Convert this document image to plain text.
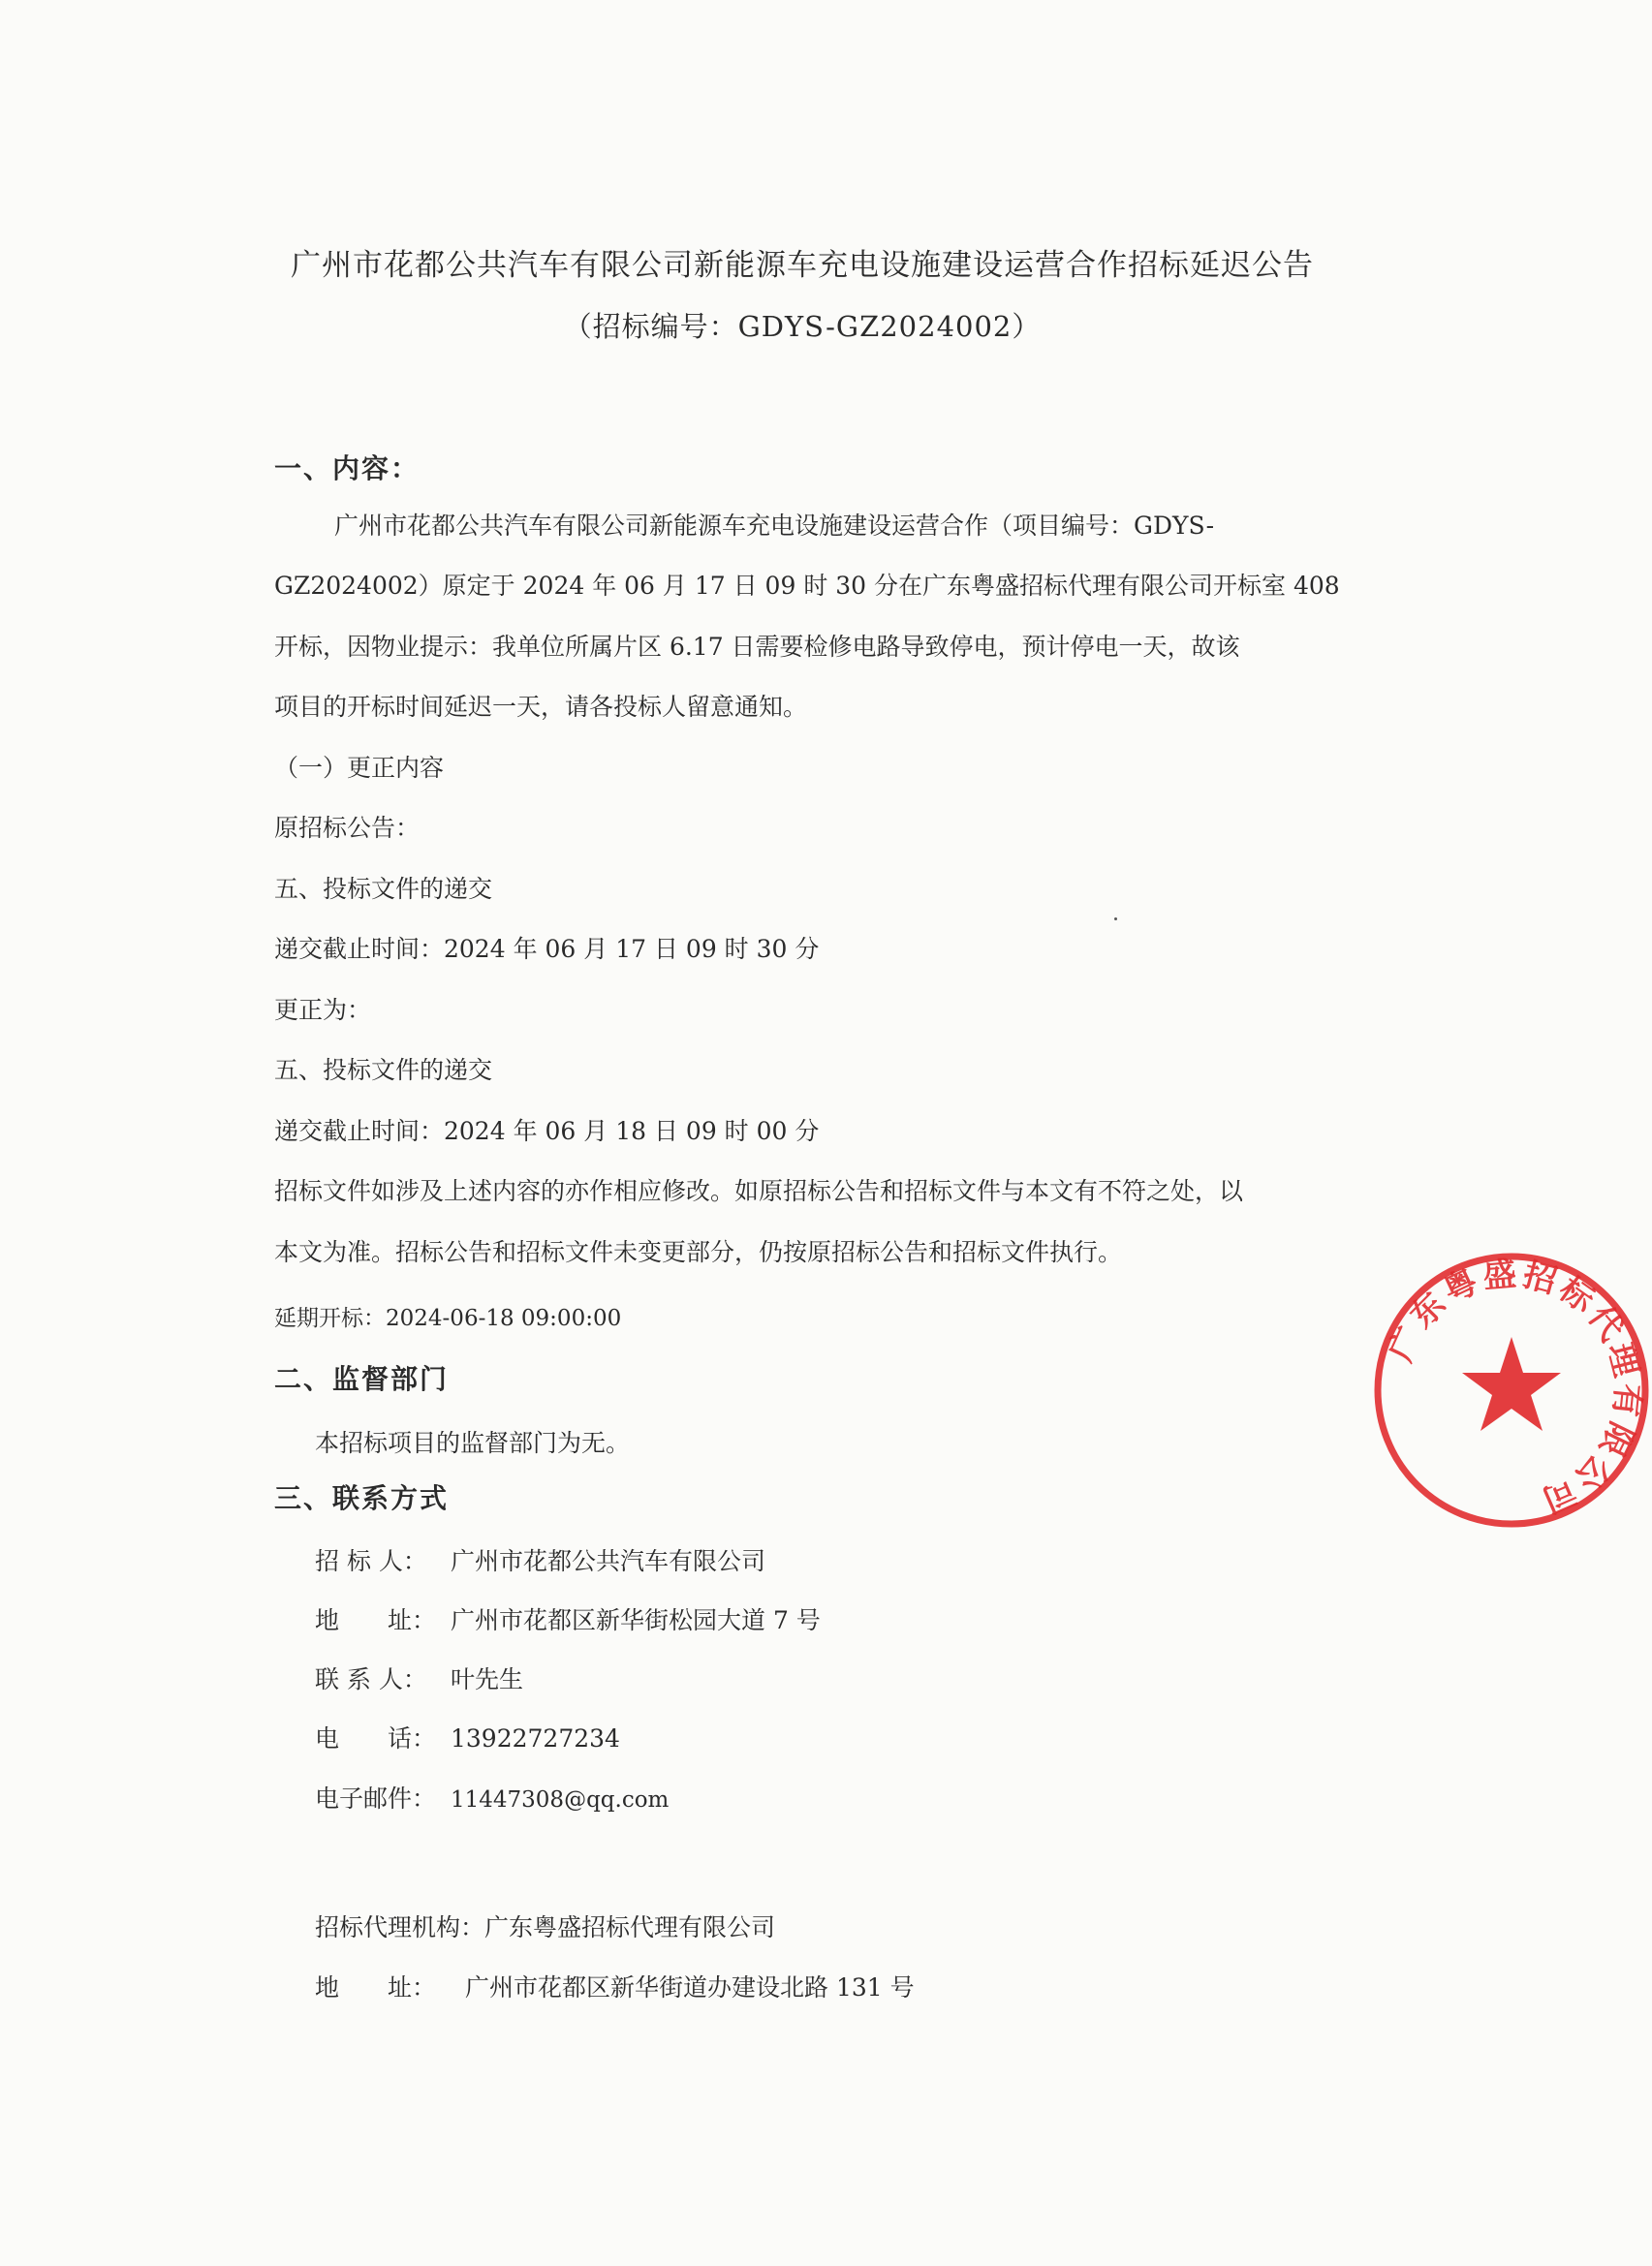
广州市花都公共汽车有限公司新能源车充电设施建设运营合作招标延迟公告
（招标编号：GDYS-GZ2024002）
一、内容：
广州市花都公共汽车有限公司新能源车充电设施建设运营合作（项目编号：GDYS-
GZ2024002）原定于 2024 年 06 月 17 日 09 时 30 分在广东粤盛招标代理有限公司开标室 408
开标，因物业提示：我单位所属片区 6.17 日需要检修电路导致停电，预计停电一天，故该
项目的开标时间延迟一天，请各投标人留意通知。
（一）更正内容
原招标公告：
五、投标文件的递交
递交截止时间：2024 年 06 月 17 日 09 时 30 分
更正为：
五、投标文件的递交
递交截止时间：2024 年 06 月 18 日 09 时 00 分
招标文件如涉及上述内容的亦作相应修改。如原招标公告和招标文件与本文有不符之处，以
本文为准。招标公告和招标文件未变更部分，仍按原招标公告和招标文件执行。
延期开标：2024-06-18 09:00:00
二、监督部门
本招标项目的监督部门为无。
三、联系方式
招 标 人： 广州市花都公共汽车有限公司
地　　址： 广州市花都区新华街松园大道 7 号
联 系 人： 叶先生
电　　话： 13922727234
电子邮件： 11447308@qq.com
招标代理机构：广东粤盛招标代理有限公司
地　　址： 广州市花都区新华街道办建设北路 131 号
广东粤盛招标代理有限公司
